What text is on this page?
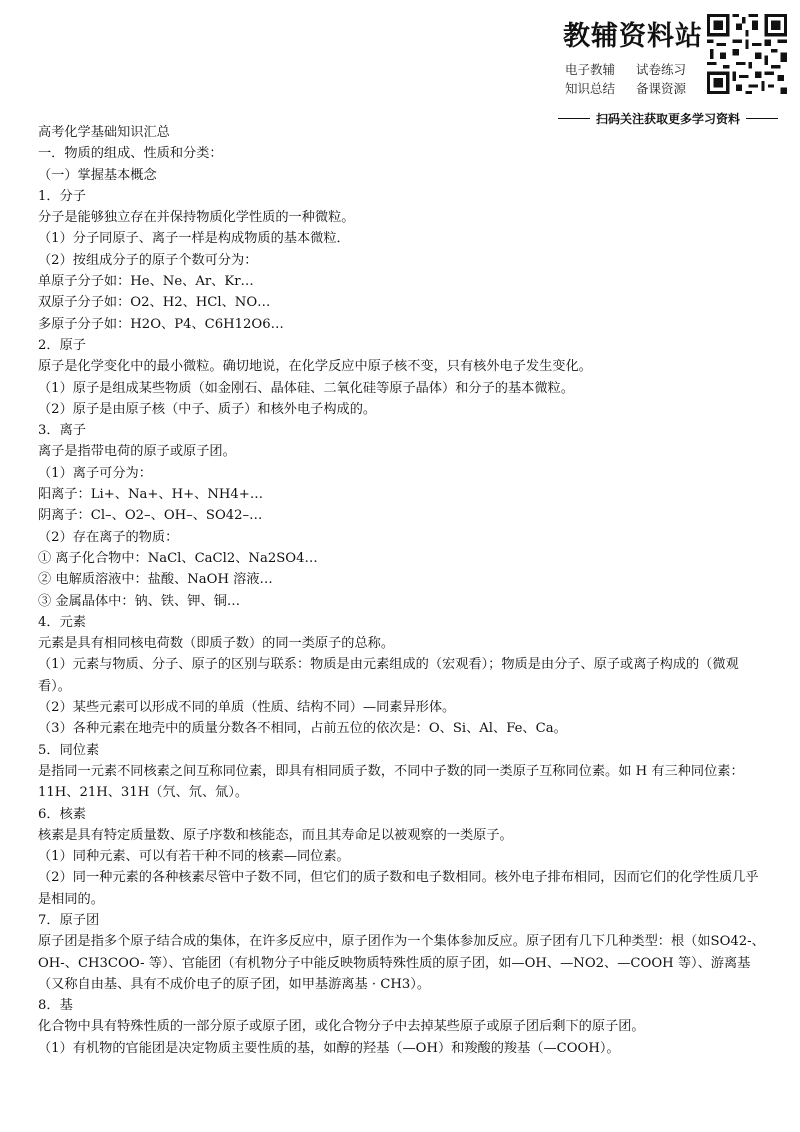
教辅资料站
电子教辅 试卷练习
知识总结 备课资源
扫码关注获取更多学习资料

高考化学基础知识汇总

一．物质的组成、性质和分类：

（一）掌握基本概念

1．分子

分子是能够独立存在并保持物质化学性质的一种微粒。

（1）分子同原子、离子一样是构成物质的基本微粒．

（2）按组成分子的原子个数可分为：

单原子分子如：He、Ne、Ar、Kr…

双原子分子如：O2、H2、HCl、NO…

多原子分子如：H2O、P4、C6H12O6…

2．原子

原子是化学变化中的最小微粒。确切地说，在化学反应中原子核不变，只有核外电子发生变化。

（1）原子是组成某些物质（如金刚石、晶体硅、二氧化硅等原子晶体）和分子的基本微粒。

（2）原子是由原子核（中子、质子）和核外电子构成的。

3．离子

离子是指带电荷的原子或原子团。

（1）离子可分为：

阳离子：Li+、Na+、H+、NH4+…

阴离子：Cl–、O2–、OH–、SO42–…

（2）存在离子的物质：

① 离子化合物中：NaCl、CaCl2、Na2SO4…

② 电解质溶液中：盐酸、NaOH 溶液…

③ 金属晶体中：钠、铁、钾、铜…

4．元素

元素是具有相同核电荷数（即质子数）的同一类原子的总称。

（1）元素与物质、分子、原子的区别与联系：物质是由元素组成的（宏观看）；物质是由分子、原子或离子构成的（微观看）。

（2）某些元素可以形成不同的单质（性质、结构不同）—同素异形体。

（3）各种元素在地壳中的质量分数各不相同，占前五位的依次是：O、Si、Al、Fe、Ca。

5．同位素

是指同一元素不同核素之间互称同位素，即具有相同质子数，不同中子数的同一类原子互称同位素。如 H 有三种同位素：11H、21H、31H（氕、氘、氚）。

6．核素

核素是具有特定质量数、原子序数和核能态，而且其寿命足以被观察的一类原子。

（1）同种元素、可以有若干种不同的核素—同位素。

（2）同一种元素的各种核素尽管中子数不同，但它们的质子数和电子数相同。核外电子排布相同，因而它们的化学性质几乎是相同的。

7．原子团

原子团是指多个原子结合成的集体，在许多反应中，原子团作为一个集体参加反应。原子团有几下几种类型：根（如SO42-、OH-、CH3COO- 等）、官能团（有机物分子中能反映物质特殊性质的原子团，如—OH、—NO2、—COOH 等）、游离基（又称自由基、具有不成价电子的原子团，如甲基游离基 · CH3）。

8．基

化合物中具有特殊性质的一部分原子或原子团，或化合物分子中去掉某些原子或原子团后剩下的原子团。

（1）有机物的官能团是决定物质主要性质的基，如醇的羟基（—OH）和羧酸的羧基（—COOH）。
